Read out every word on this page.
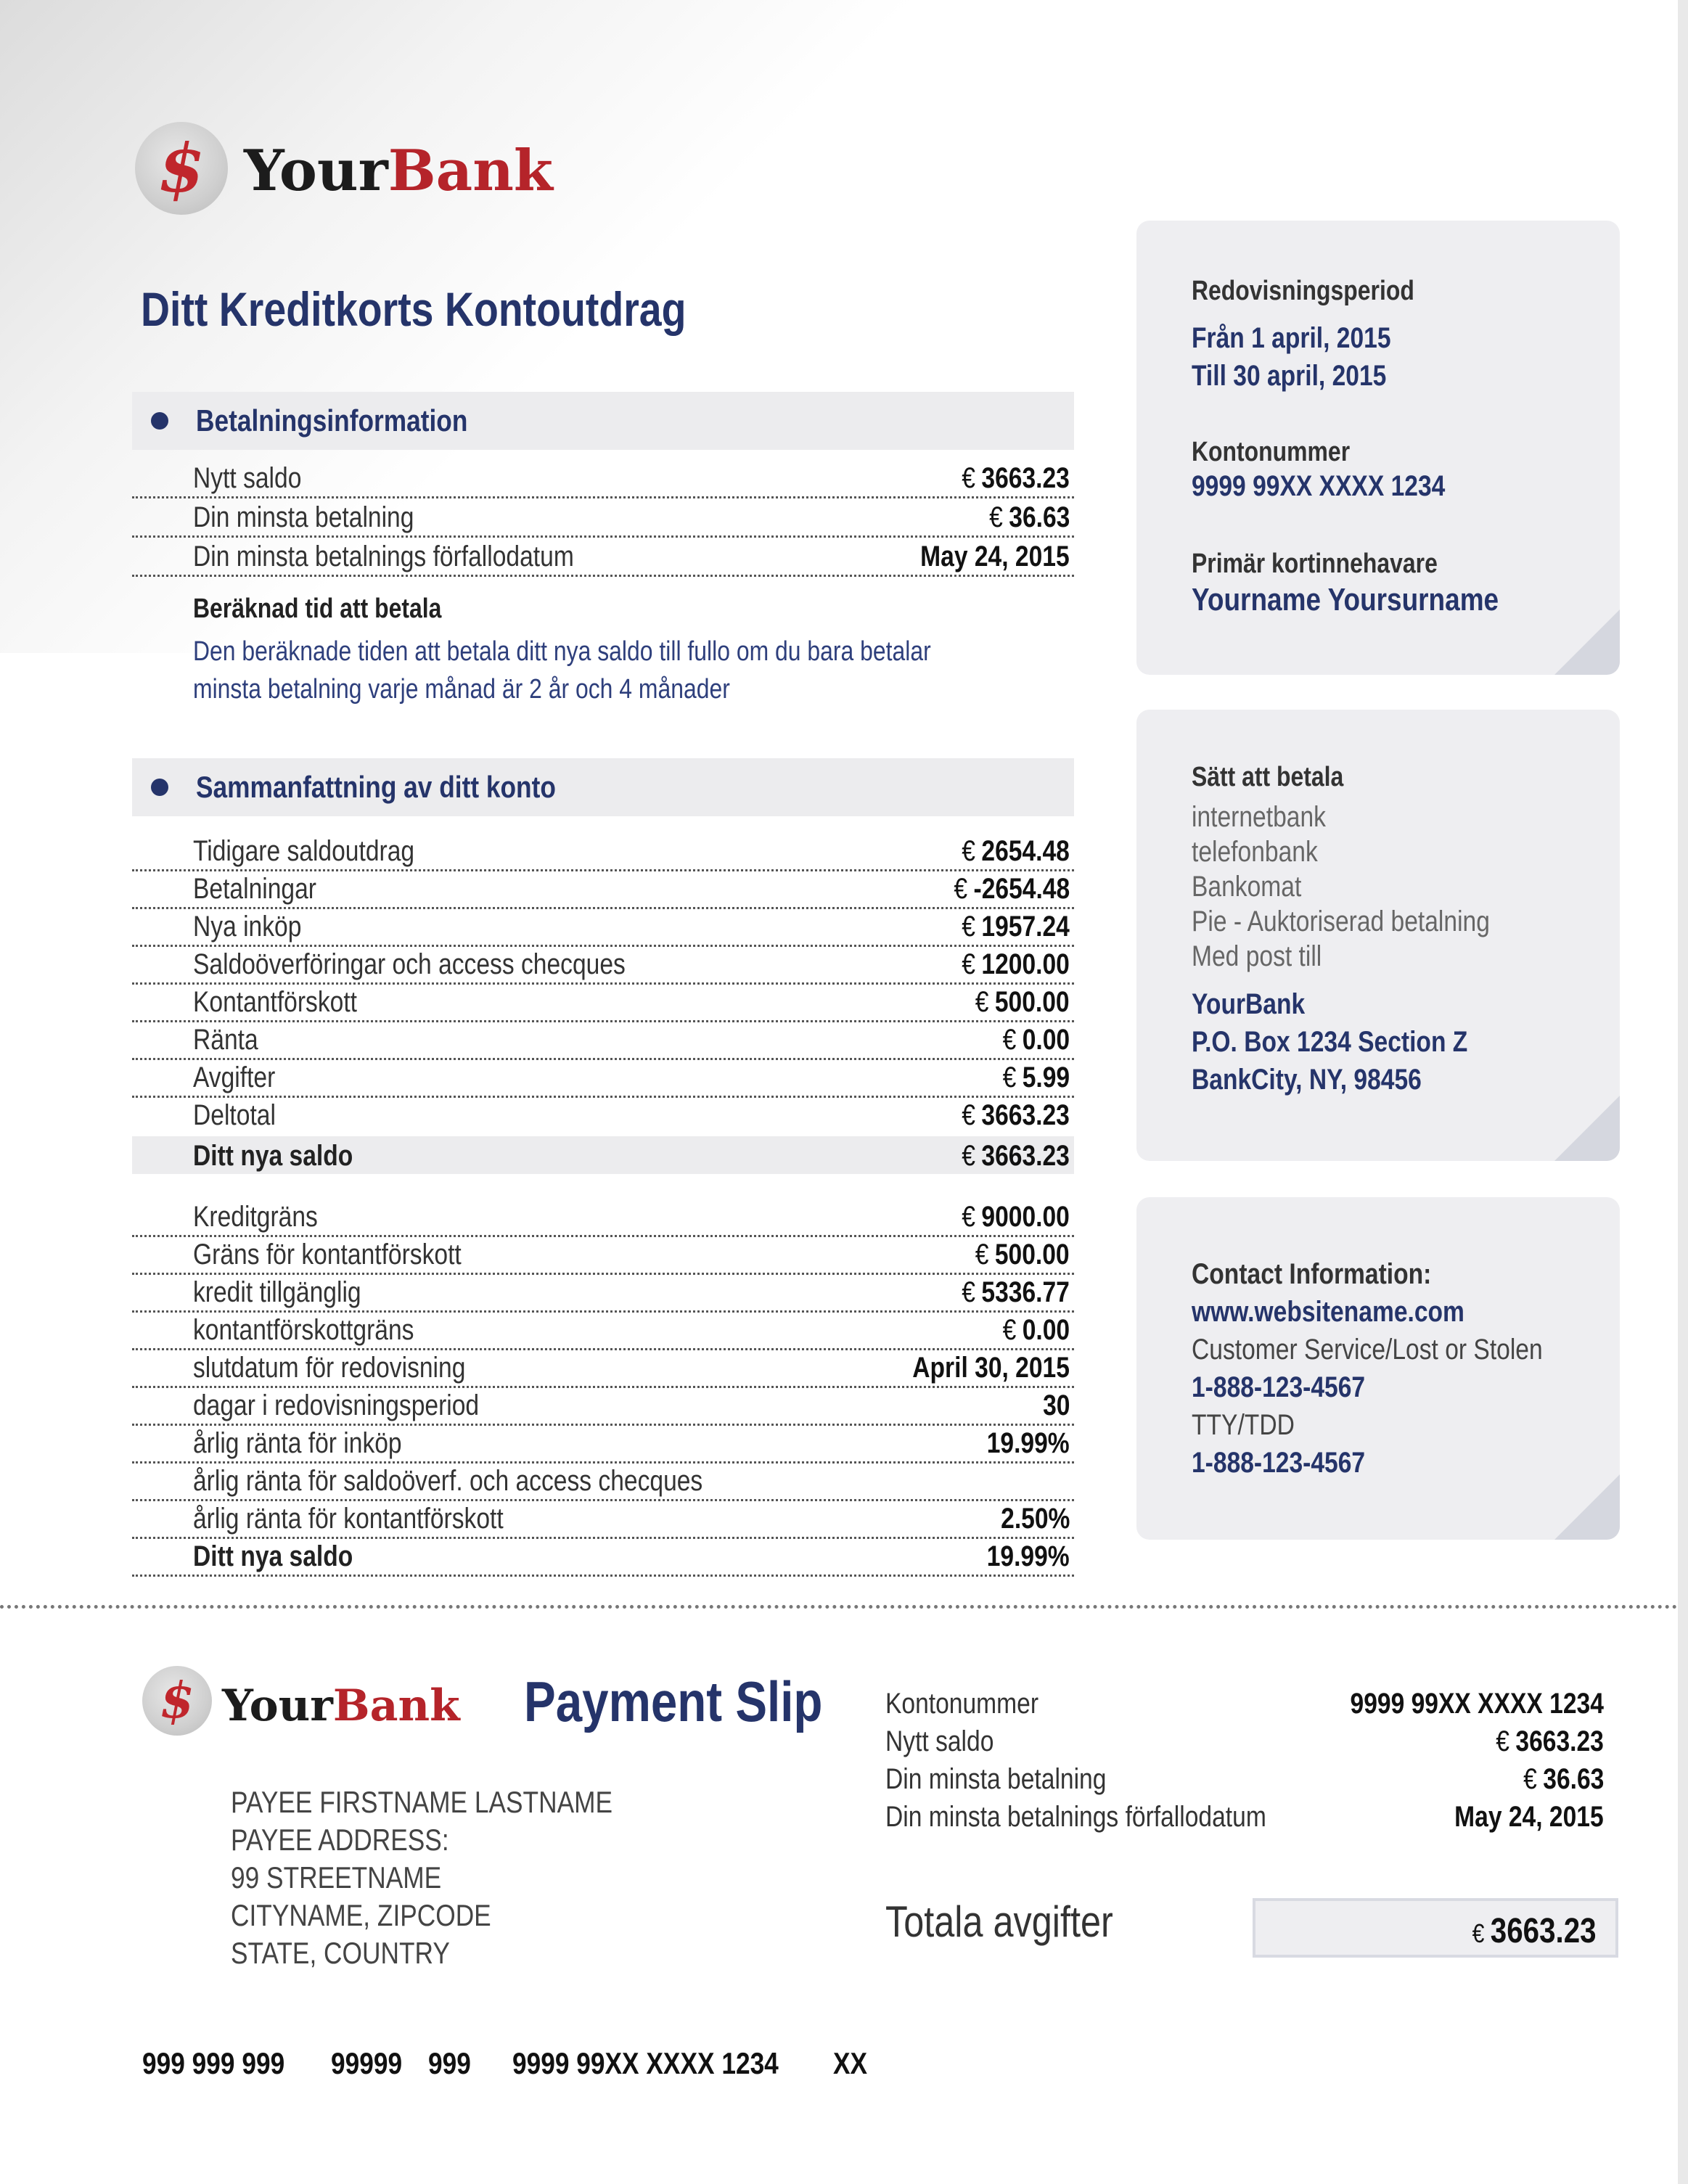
$ YourBank
Ditt Kreditkorts Kontoutdrag
Betalningsinformation
Nytt saldo	€ 3663.23
Din minsta betalning	€ 36.63
Din minsta betalnings förfallodatum	May 24, 2015
Beräknad tid att betala
Den beräknade tiden att betala ditt nya saldo till fullo om du bara betalar
minsta betalning varje månad är 2 år och 4 månader
Sammanfattning av ditt konto
Tidigare saldoutdrag	€ 2654.48
Betalningar	€ -2654.48
Nya inköp	€ 1957.24
Saldoöverföringar och access checques	€ 1200.00
Kontantförskott	€ 500.00
Ränta	€ 0.00
Avgifter	€ 5.99
Deltotal	€ 3663.23
Ditt nya saldo	€ 3663.23
Kreditgräns	€ 9000.00
Gräns för kontantförskott	€ 500.00
kredit tillgänglig	€ 5336.77
kontantförskottgräns	€ 0.00
slutdatum för redovisning	April 30, 2015
dagar i redovisningsperiod	30
årlig ränta för inköp	19.99%
årlig ränta för saldoöverf. och access checques
årlig ränta för kontantförskott	2.50%
Ditt nya saldo	19.99%
Redovisningsperiod
Från 1 april, 2015
Till 30 april, 2015
Kontonummer
9999 99XX XXXX 1234
Primär kortinnehavare
Yourname Yoursurname
Sätt att betala
internetbank
telefonbank
Bankomat
Pie - Auktoriserad betalning
Med post till
YourBank
P.O. Box 1234 Section Z
BankCity, NY, 98456
Contact Information:
www.websitename.com
Customer Service/Lost or Stolen
1-888-123-4567
TTY/TDD
1-888-123-4567
$ YourBank Payment Slip
PAYEE FIRSTNAME LASTNAME
PAYEE ADDRESS:
99 STREETNAME
CITYNAME, ZIPCODE
STATE, COUNTRY
Kontonummer	9999 99XX XXXX 1234
Nytt saldo	€ 3663.23
Din minsta betalning	€ 36.63
Din minsta betalnings förfallodatum	May 24, 2015
Totala avgifter	€ 3663.23
999 999 999	99999 999 9999 99XX XXXX 1234	XX
